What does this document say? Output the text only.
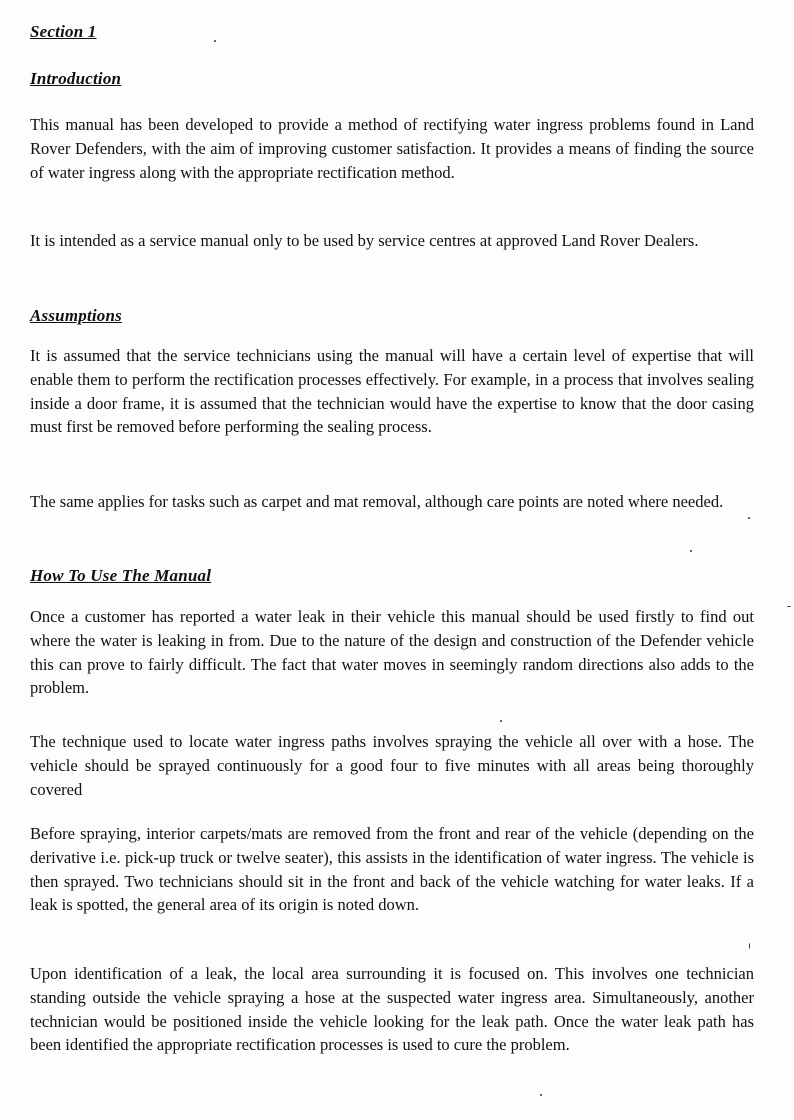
Section 1
Introduction

This manual has been developed to provide a method of rectifying water ingress problems found in Land Rover Defenders, with the aim of improving customer satisfaction. It provides a means of finding the source of water ingress along with the appropriate rectification method.

It is intended as a service manual only to be used by service centres at approved Land Rover Dealers.

Assumptions

It is assumed that the service technicians using the manual will have a certain level of expertise that will enable them to perform the rectification processes effectively. For example, in a process that involves sealing inside a door frame, it is assumed that the technician would have the expertise to know that the door casing must first be removed before performing the sealing process.

The same applies for tasks such as carpet and mat removal, although care points are noted where needed.

How To Use The Manual

Once a customer has reported a water leak in their vehicle this manual should be used firstly to find out where the water is leaking in from. Due to the nature of the design and construction of the Defender vehicle this can prove to fairly difficult. The fact that water moves in seemingly random directions also adds to the problem.

The technique used to locate water ingress paths involves spraying the vehicle all over with a hose. The vehicle should be sprayed continuously for a good four to five minutes with all areas being thoroughly covered

Before spraying, interior carpets/mats are removed from the front and rear of the vehicle (depending on the derivative i.e. pick-up truck or twelve seater), this assists in the identification of water ingress. The vehicle is then sprayed. Two technicians should sit in the front and back of the vehicle watching for water leaks. If a leak is spotted, the general area of its origin is noted down.

Upon identification of a leak, the local area surrounding it is focused on. This involves one technician standing outside the vehicle spraying a hose at the suspected water ingress area. Simultaneously, another technician would be positioned inside the vehicle looking for the leak path. Once the water leak path has been identified the appropriate rectification processes is used to cure the problem.
